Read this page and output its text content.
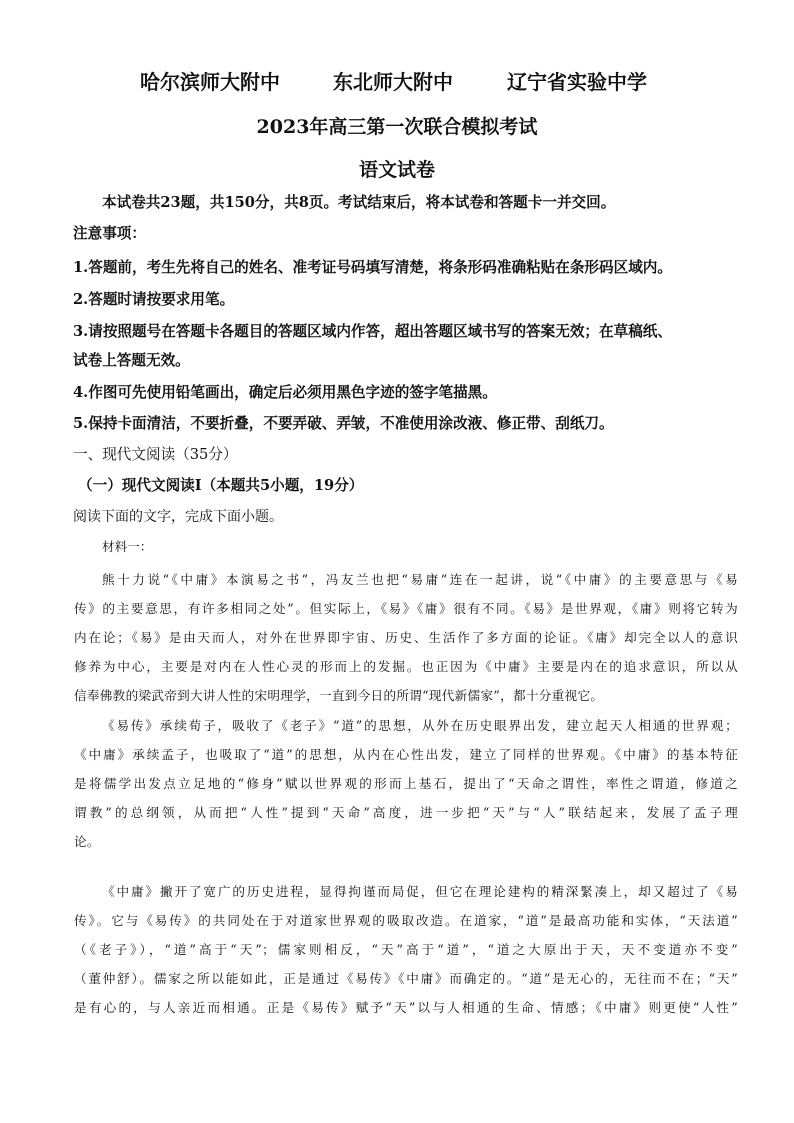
哈尔滨师大附中	东北师大附中	辽宁省实验中学
2023年高三第一次联合模拟考试
语文试卷
本试卷共23题，共150分，共8页。考试结束后，将本试卷和答题卡一并交回。
注意事项：
1.答题前，考生先将自己的姓名、准考证号码填写清楚，将条形码准确粘贴在条形码区域内。
2.答题时请按要求用笔。
3.请按照题号在答题卡各题目的答题区域内作答，超出答题区域书写的答案无效；在草稿纸、
试卷上答题无效。
4.作图可先使用铅笔画出，确定后必须用黑色字迹的签字笔描黑。
5.保持卡面清洁，不要折叠，不要弄破、弄皱，不准使用涂改液、修正带、刮纸刀。
一、现代文阅读（35分）
（一）现代文阅读Ⅰ（本题共5小题，19分）
阅读下面的文字，完成下面小题。
材料一：
熊十力说“《中庸》本演易之书”，冯友兰也把“易庸”连在一起讲，说“《中庸》的主要意思与《易
传》的主要意思，有许多相同之处”。但实际上，《易》《庸》很有不同。《易》是世界观，《庸》则将它转为
内在论；《易》是由天而人，对外在世界即宇宙、历史、生活作了多方面的论证。《庸》却完全以人的意识
修养为中心，主要是对内在人性心灵的形而上的发掘。也正因为《中庸》主要是内在的追求意识，所以从
信奉佛教的梁武帝到大讲人性的宋明理学，一直到今日的所谓“现代新儒家”，都十分重视它。
《易传》承续荀子，吸收了《老子》“道”的思想，从外在历史眼界出发，建立起天人相通的世界观；
《中庸》承续孟子，也吸取了“道”的思想，从内在心性出发，建立了同样的世界观。《中庸》的基本特征
是将儒学出发点立足地的“修身”赋以世界观的形而上基石，提出了“天命之谓性，率性之谓道，修道之
谓教”的总纲领，从而把“人性”提到“天命”高度，进一步把“天”与“人”联结起来，发展了孟子理
论。
《中庸》撇开了宽广的历史进程，显得拘谨而局促，但它在理论建构的精深緊凑上，却又超过了《易
传》。它与《易传》的共同处在于对道家世界观的吸取改造。在道家，“道”是最高功能和实体，“天法道”
（《老子》），“道”高于“天”；儒家则相反，“天”高于“道”，“道之大原出于天，天不变道亦不变”
（董仲舒）。儒家之所以能如此，正是通过《易传》《中庸》而确定的。“道”是无心的，无往而不在；“天”
是有心的，与人亲近而相通。正是《易传》赋予“天”以与人相通的生命、情感；《中庸》则更使“人性”
